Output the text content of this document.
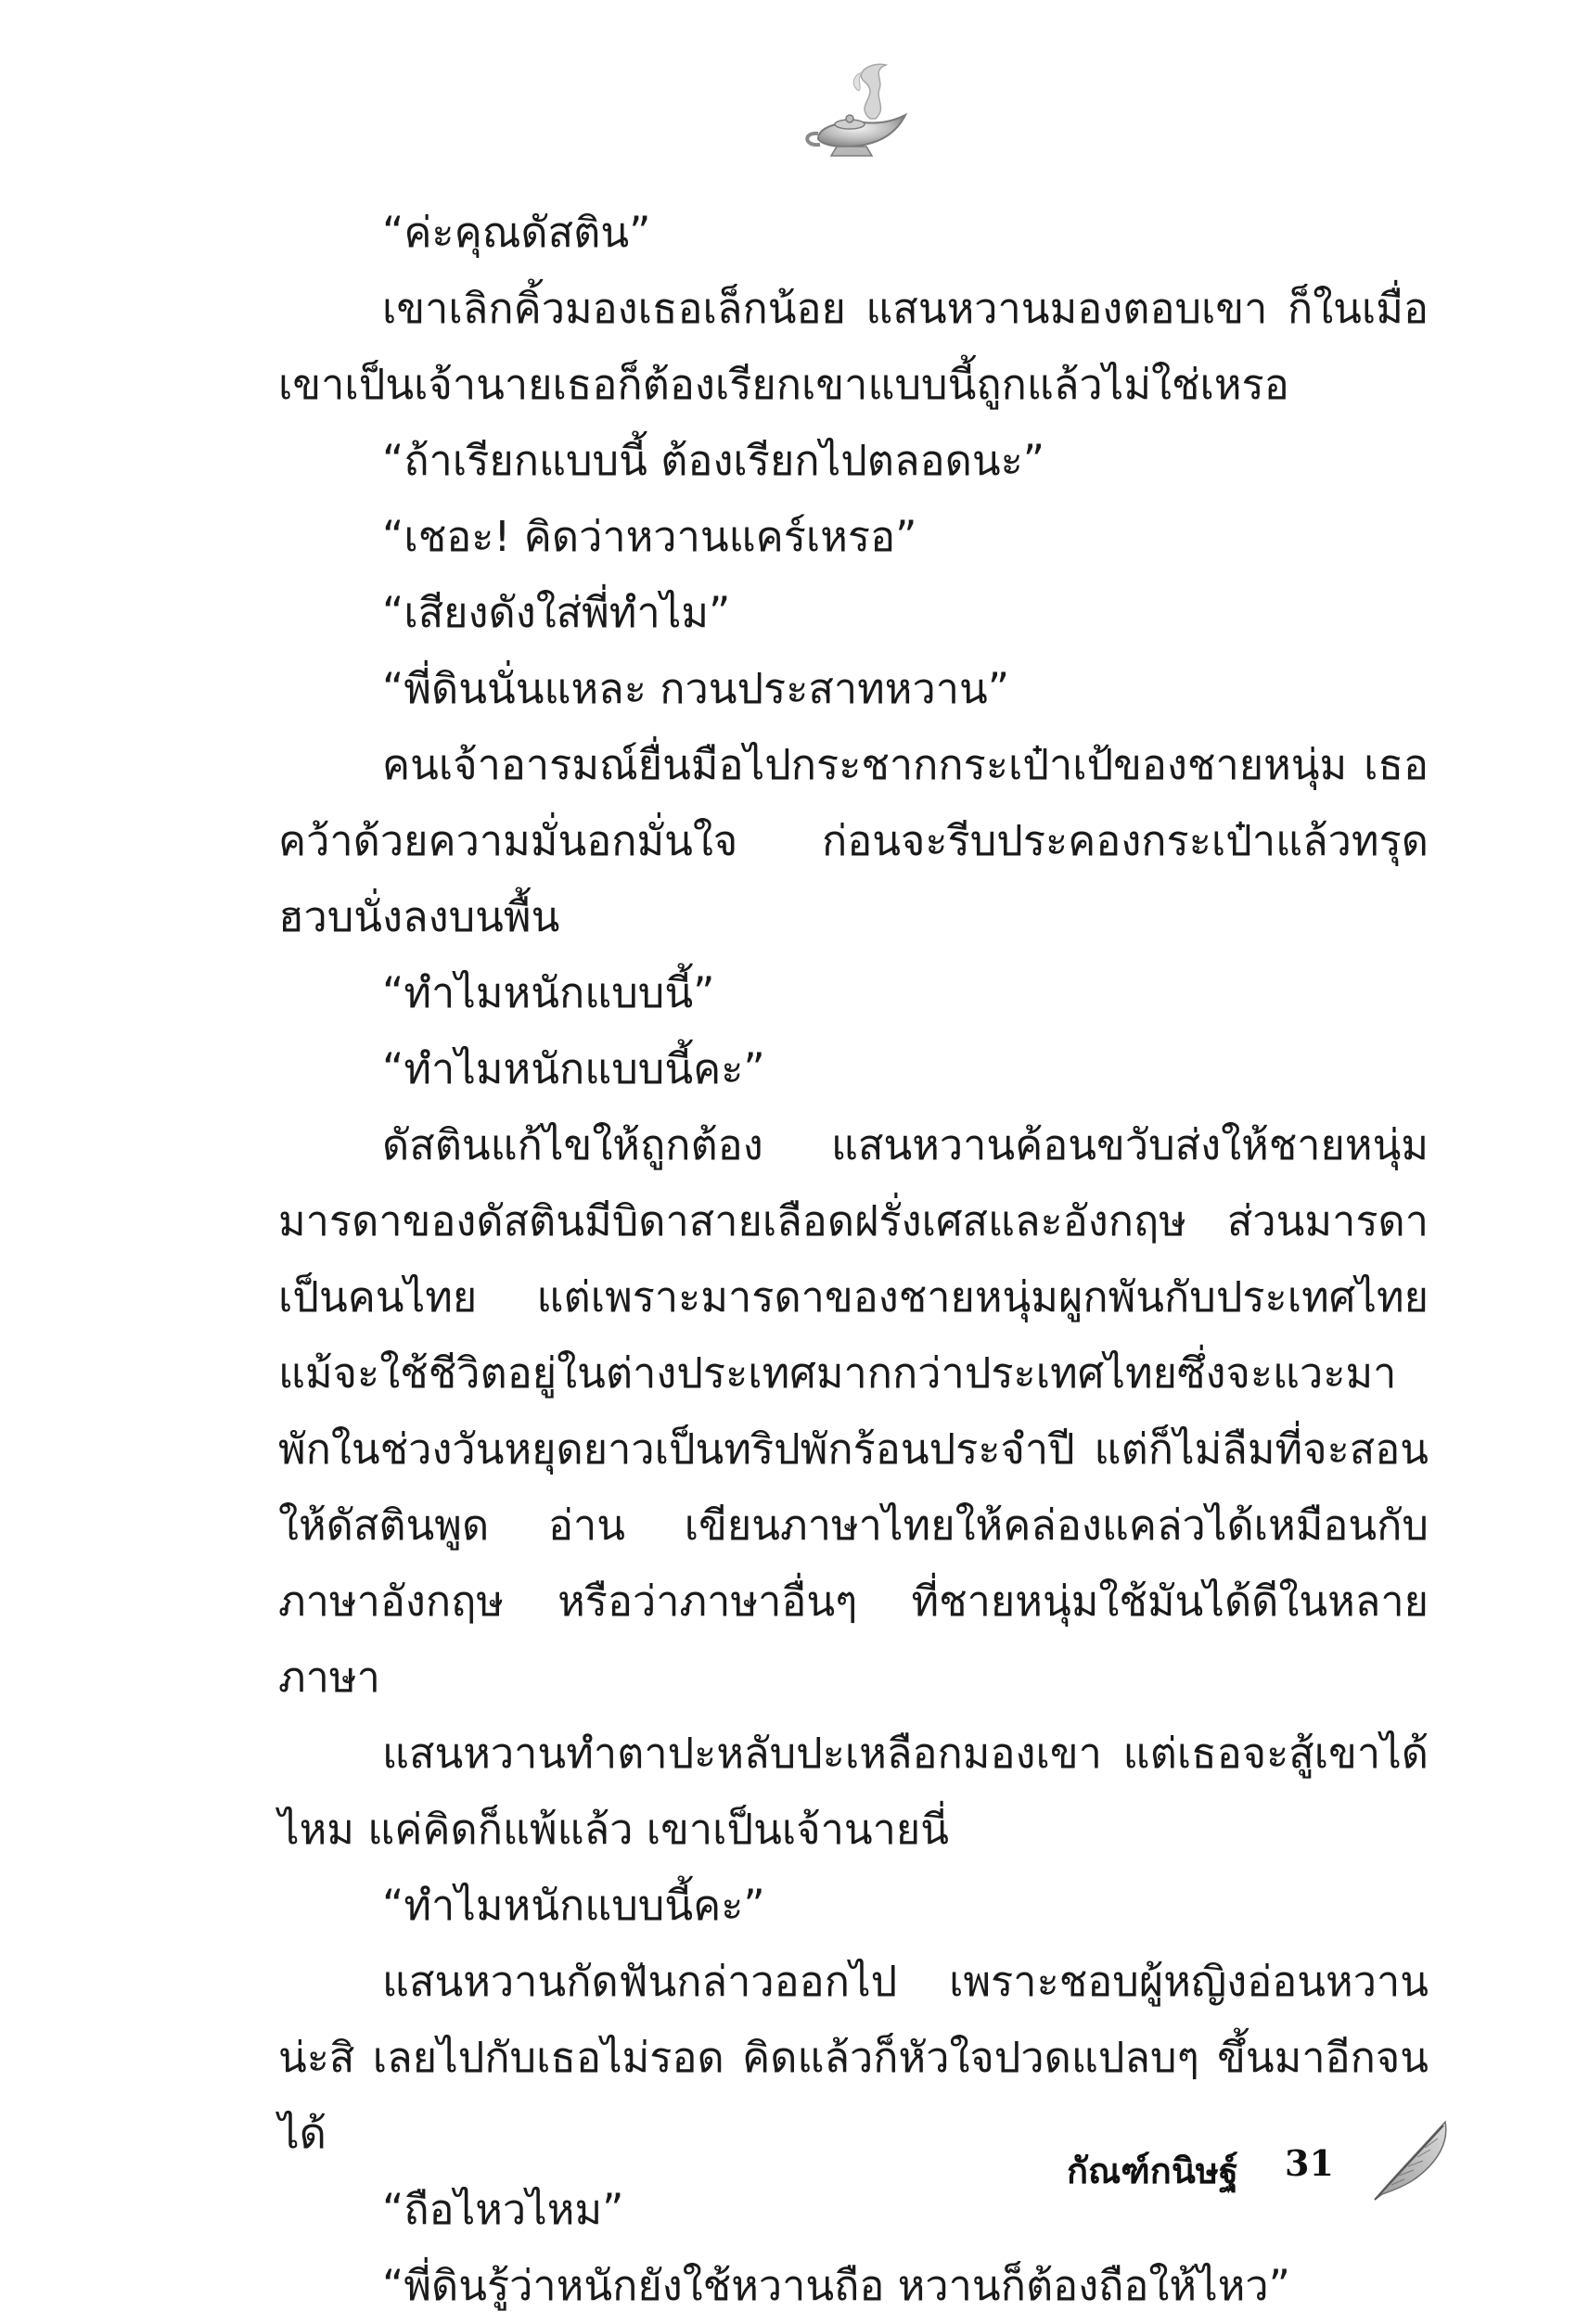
“ค่ะคุณดัสติน”

เขาเลิกคิ้วมองเธอเล็กน้อย แสนหวานมองตอบเขา ก็ในเมื่อเขาเป็นเจ้านายเธอก็ต้องเรียกเขาแบบนี้ถูกแล้วไม่ใช่เหรอ

“ถ้าเรียกแบบนี้ ต้องเรียกไปตลอดนะ”

“เชอะ! คิดว่าหวานแคร์เหรอ”

“เสียงดังใส่พี่ทำไม”

“พี่ดินนั่นแหละ กวนประสาทหวาน”

คนเจ้าอารมณ์ยื่นมือไปกระชากกระเป๋าเป้ของชายหนุ่ม เธอคว้าด้วยความมั่นอกมั่นใจ ก่อนจะรีบประคองกระเป๋าแล้วทรุดฮวบนั่งลงบนพื้น

“ทำไมหนักแบบนี้”

“ทำไมหนักแบบนี้คะ”

ดัสตินแก้ไขให้ถูกต้อง แสนหวานค้อนขวับส่งให้ชายหนุ่ม มารดาของดัสตินมีบิดาสายเลือดฝรั่งเศสและอังกฤษ ส่วนมารดาเป็นคนไทย แต่เพราะมารดาของชายหนุ่มผูกพันกับประเทศไทย แม้จะใช้ชีวิตอยู่ในต่างประเทศมากกว่าประเทศไทยซึ่งจะแวะมาพักในช่วงวันหยุดยาวเป็นทริปพักร้อนประจำปี แต่ก็ไม่ลืมที่จะสอนให้ดัสตินพูด อ่าน เขียนภาษาไทยให้คล่องแคล่วได้เหมือนกับภาษาอังกฤษ หรือว่าภาษาอื่นๆ ที่ชายหนุ่มใช้มันได้ดีในหลายภาษา

แสนหวานทำตาปะหลับปะเหลือกมองเขา แต่เธอจะสู้เขาได้ไหม แค่คิดก็แพ้แล้ว เขาเป็นเจ้านายนี่

“ทำไมหนักแบบนี้คะ”

แสนหวานกัดฟันกล่าวออกไป เพราะชอบผู้หญิงอ่อนหวานน่ะสิ เลยไปกับเธอไม่รอด คิดแล้วก็หัวใจปวดแปลบๆ ขึ้นมาอีกจนได้

“ถือไหวไหม”

“พี่ดินรู้ว่าหนักยังใช้หวานถือ หวานก็ต้องถือให้ไหว”

กัณฑ์กนิษฐ์ 31
